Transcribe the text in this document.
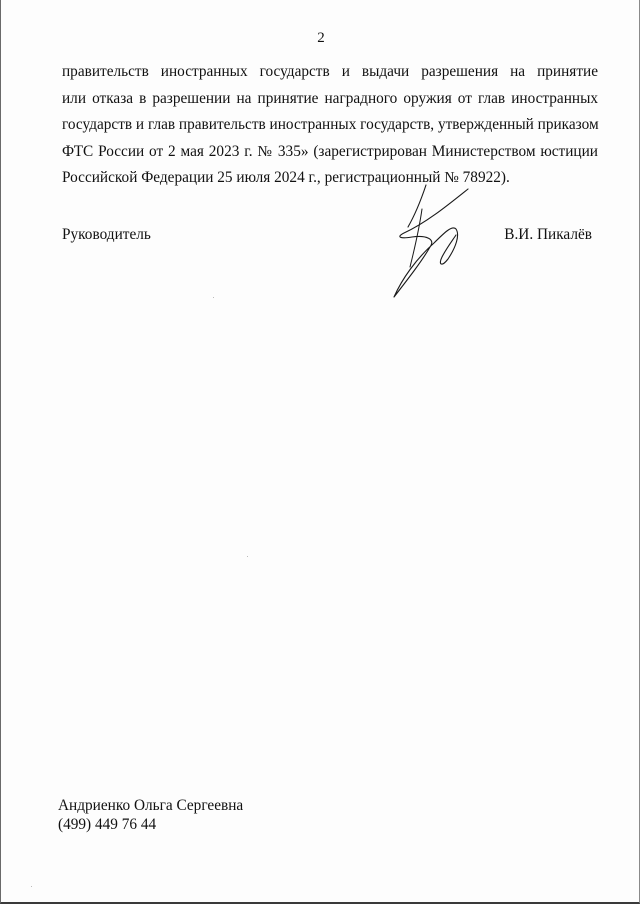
2
правительств иностранных государств и выдачи разрешения на принятие
или отказа в разрешении на принятие наградного оружия от глав иностранных
государств и глав правительств иностранных государств, утвержденный приказом
ФТС России от 2 мая 2023 г. № 335» (зарегистрирован Министерством юстиции
Российской Федерации 25 июля 2024 г., регистрационный № 78922).
Руководитель	В.И. Пикалёв
Андриенко Ольга Сергеевна
(499) 449 76 44
